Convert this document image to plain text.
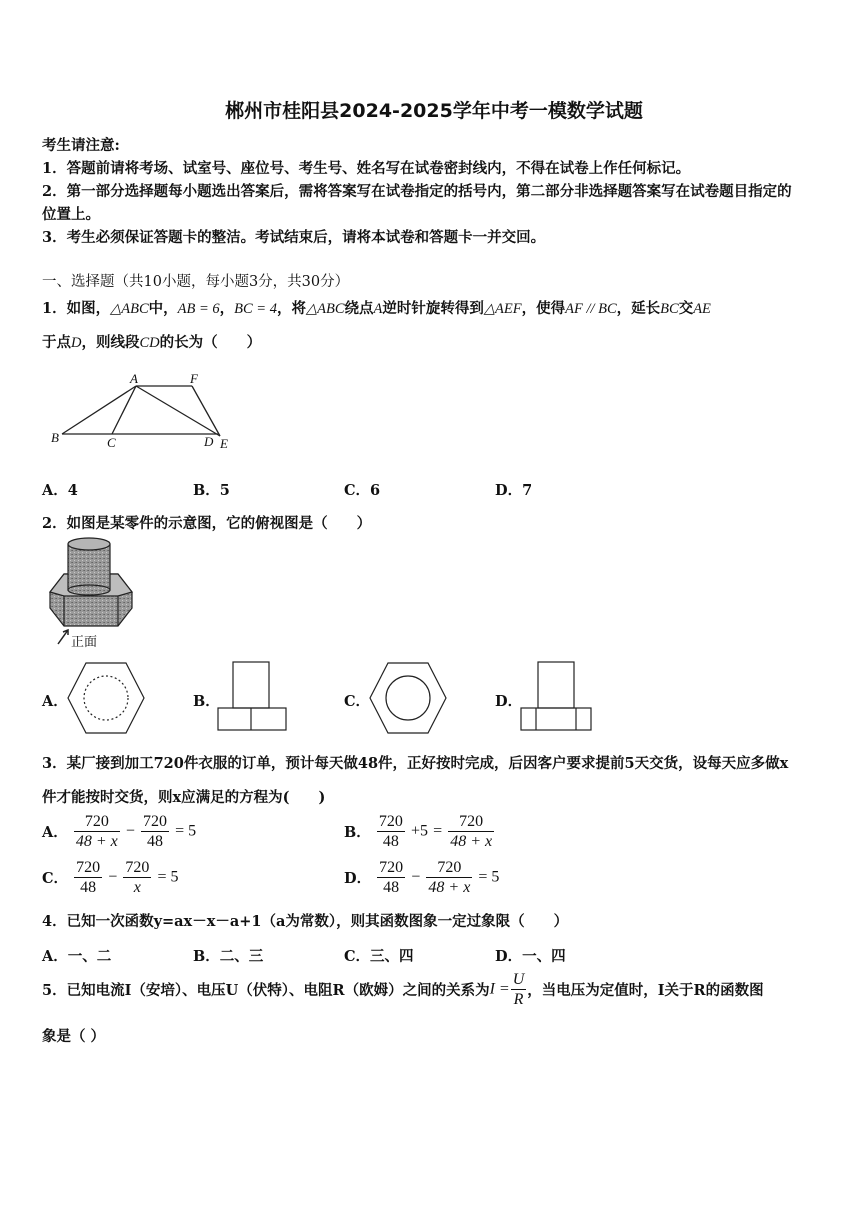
郴州市桂阳县2024-2025学年中考一模数学试题
考生请注意:
1．答题前请将考场、试室号、座位号、考生号、姓名写在试卷密封线内，不得在试卷上作任何标记。
2．第一部分选择题每小题选出答案后，需将答案写在试卷指定的括号内，第二部分非选择题答案写在试卷题目指定的
位置上。
3．考生必须保证答题卡的整洁。考试结束后，请将本试卷和答题卡一并交回。
一、选择题（共10小题，每小题3分，共30分）
1．如图，△ABC中，AB = 6，BC = 4，将△ABC绕点A逆时针旋转得到△AEF，使得AF // BC，延长BC交AE
于点D，则线段CD的长为（　　）
A	F
B	C	D E
A．4	B．5	C．6	D．7
2．如图是某零件的示意图，它的俯视图是（　　）
正面
A．	B．	C．	D．
3．某厂接到加工720件衣服的订单，预计每天做48件，正好按时完成，后因客户要求提前5天交货，设每天应多做x
件才能按时交货，则x应满足的方程为(　　)
A． $\frac{720}{48 + x} - \frac{720}{48} = 5$	B． $\frac{720}{48} +5 = \frac{720}{48 + x}$
C． $\frac{720}{48} - \frac{720}{x} = 5$	D． $\frac{720}{48} - \frac{720}{48 + x} = 5$
4．已知一次函数y=ax－x－a+1（a为常数），则其函数图象一定过象限（　　）
A．一、二	B．二、三	C．三、四	D．一、四
5．已知电流I（安培）、电压U（伏特）、电阻R（欧姆）之间的关系为$I = \frac{U}{R}$ ，当电压为定值时，I关于R的函数图
象是（ ）
